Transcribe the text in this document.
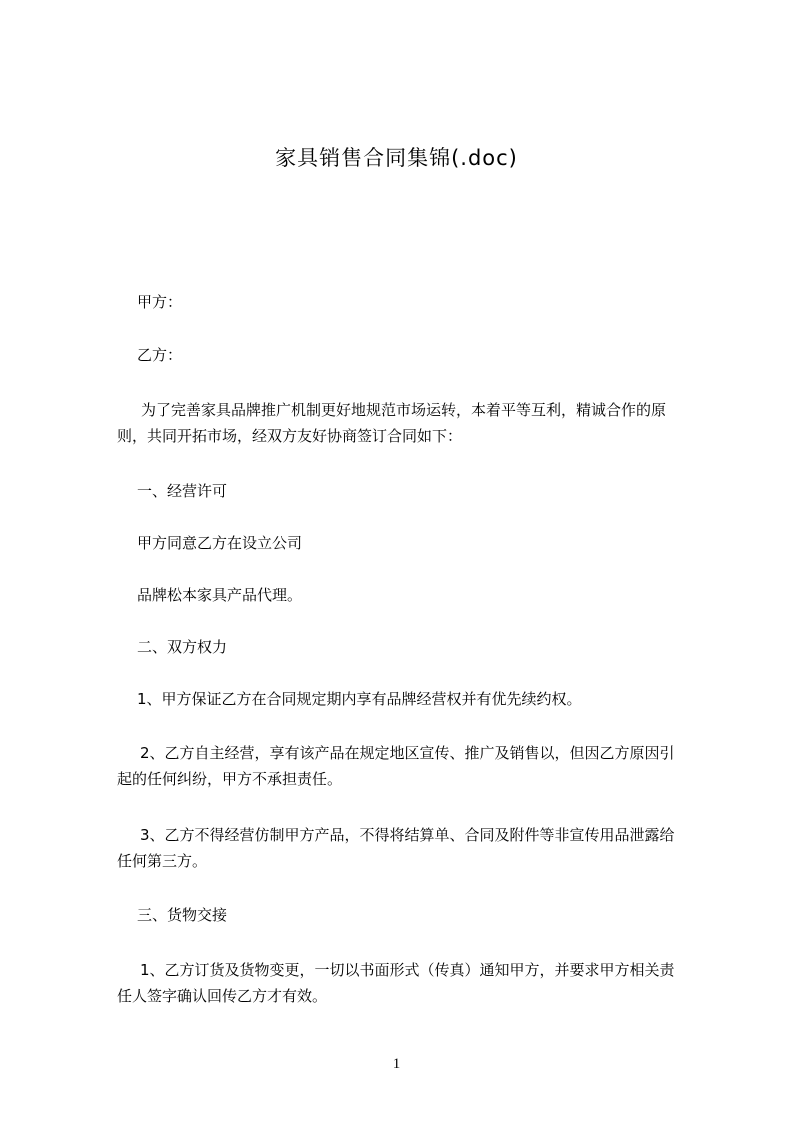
家具销售合同集锦(.doc)
甲方：
乙方：
为了完善家具品牌推广机制更好地规范市场运转，本着平等互利，精诚合作的原
则，共同开拓市场，经双方友好协商签订合同如下：
一、经营许可
甲方同意乙方在设立公司
品牌松本家具产品代理。
二、双方权力
1、甲方保证乙方在合同规定期内享有品牌经营权并有优先续约权。
2、乙方自主经营，享有该产品在规定地区宣传、推广及销售以，但因乙方原因引
起的任何纠纷，甲方不承担责任。
3、乙方不得经营仿制甲方产品，不得将结算单、合同及附件等非宣传用品泄露给
任何第三方。
三、货物交接
1、乙方订货及货物变更，一切以书面形式（传真）通知甲方，并要求甲方相关责
任人签字确认回传乙方才有效。
1
